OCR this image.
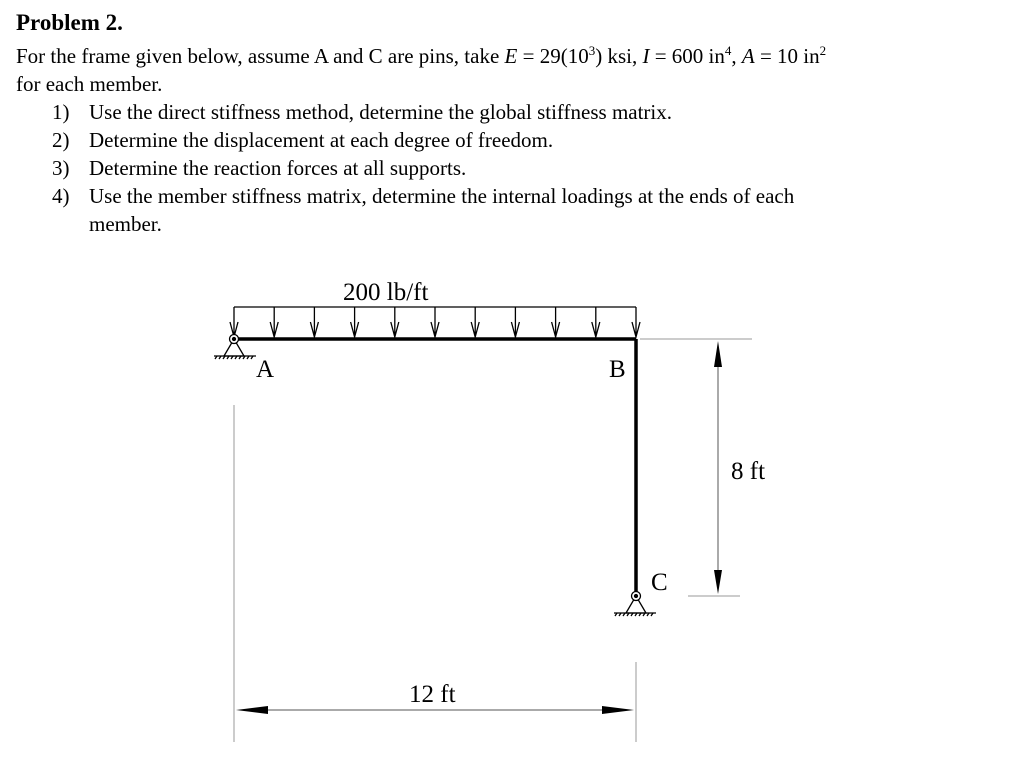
Problem 2.
For the frame given below, assume A and C are pins, take $E = 29(10^3)$ ksi, I = 600 $in^4$, A = 10 $in^2$
for each member.
1) Use the direct stiffness method, determine the global stiffness matrix.
2) Determine the displacement at each degree of freedom.
3) Determine the reaction forces at all supports.
4) Use the member stiffness matrix, determine the internal loadings at the ends of each
member.
200 lb/ft
A	B
C
8 ft
12 ft
